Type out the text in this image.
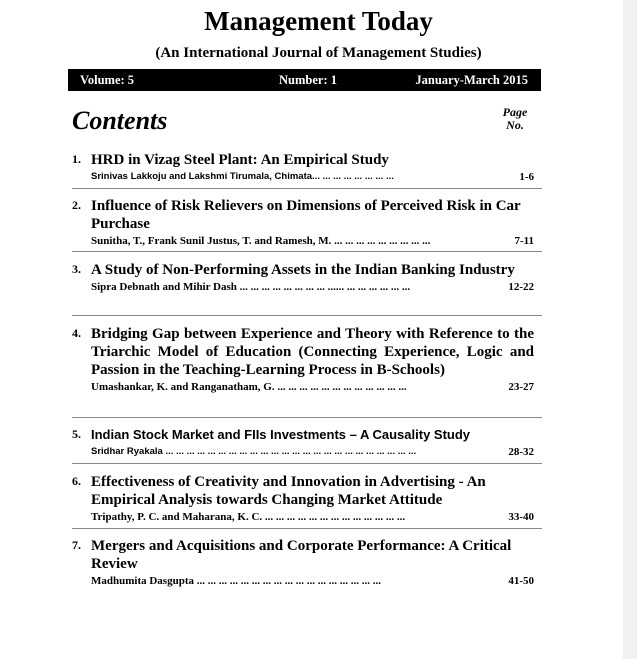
Management Today
(An International Journal of Management Studies)
Volume: 5	Number: 1	January-March 2015
Contents	Page
No.
1. HRD in Vizag Steel Plant: An Empirical Study
Srinivas Lakkoju and Lakshmi Tirumala, Chimata... ... ... ... ... ... ... ...	1-6
2. Influence of Risk Relievers on Dimensions of Perceived Risk in Car Purchase
Sunitha, T., Frank Sunil Justus, T. and Ramesh, M. ... ... ... ... ... ... ... ... ...	7-11
3. A Study of Non-Performing Assets in the Indian Banking Industry
Sipra Debnath and Mihir Dash ... ... ... ... ... ... ... ... ...... ... ... ... ... ... ...	12-22
4. Bridging Gap between Experience and Theory with Reference to the Triarchic Model of Education (Connecting Experience, Logic and Passion in the Teaching-Learning Process in B-Schools)
Umashankar, K. and Ranganatham, G. ... ... ... ... ... ... ... ... ... ... ... ...	23-27
5. Indian Stock Market and FIIs Investments – A Causality Study
Sridhar Ryakala ... ... ... ... ... ... ... ... ... ... ... ... ... ... ... ... ... ... ... ... ... ... ... ...	28-32
6. Effectiveness of Creativity and Innovation in Advertising - An Empirical Analysis towards Changing Market Attitude
Tripathy, P. C. and Maharana, K. C. ... ... ... ... ... ... ... ... ... ... ... ... ...	33-40
7. Mergers and Acquisitions and Corporate Performance: A Critical Review
Madhumita Dasgupta ... ... ... ... ... ... ... ... ... ... ... ... ... ... ... ... ...	41-50
